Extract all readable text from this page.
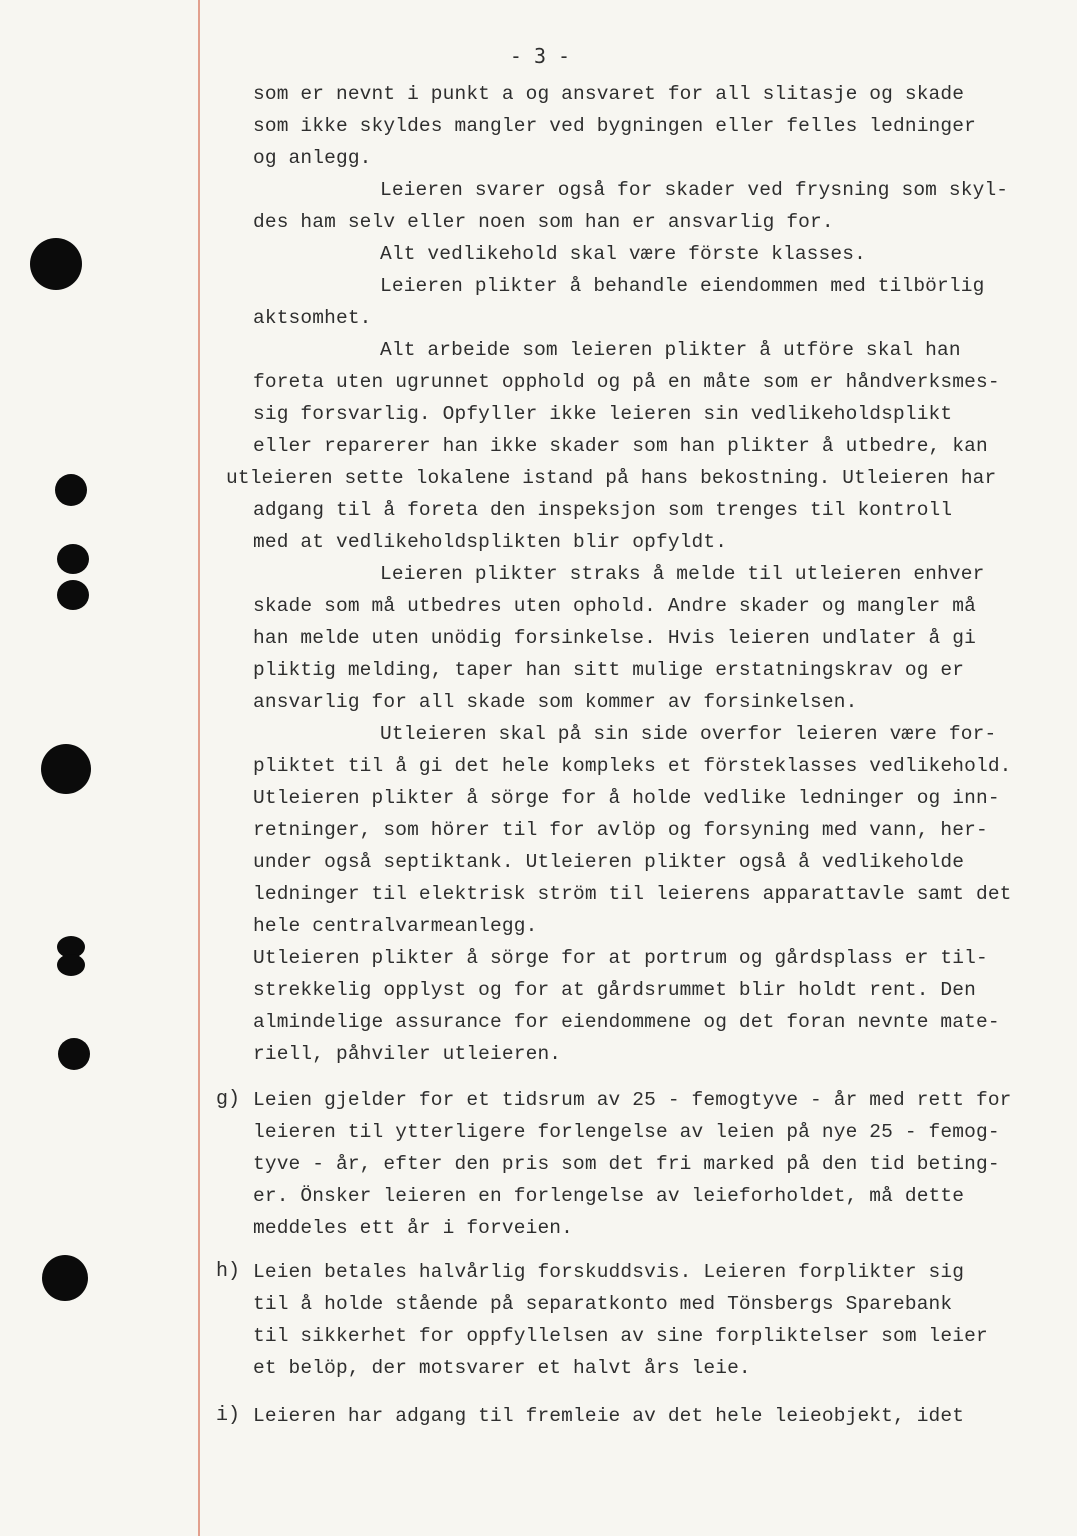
- 3 -
som er nevnt i punkt a og ansvaret for all slitasje og skade
som ikke skyldes mangler ved bygningen eller felles ledninger
og anlegg.
Leieren svarer også for skader ved frysning som skyl-
des ham selv eller noen som han er ansvarlig for.
Alt vedlikehold skal være förste klasses.
Leieren plikter å behandle eiendommen med tilbörlig
aktsomhet.
Alt arbeide som leieren plikter å utföre skal han
foreta uten ugrunnet opphold og på en måte som er håndverksmes-
sig forsvarlig. Opfyller ikke leieren sin vedlikeholdsplikt
eller reparerer han ikke skader som han plikter å utbedre, kan
utleieren sette lokalene istand på hans bekostning. Utleieren har
adgang til å foreta den inspeksjon som trenges til kontroll
med at vedlikeholdsplikten blir opfyldt.
Leieren plikter straks å melde til utleieren enhver
skade som må utbedres uten ophold. Andre skader og mangler må
han melde uten unödig forsinkelse. Hvis leieren undlater å gi
pliktig melding, taper han sitt mulige erstatningskrav og er
ansvarlig for all skade som kommer av forsinkelsen.
Utleieren skal på sin side overfor leieren være for-
pliktet til å gi det hele kompleks et försteklasses vedlikehold.
Utleieren plikter å sörge for å holde vedlike ledninger og inn-
retninger, som hörer til for avlöp og forsyning med vann, her-
under også septiktank. Utleieren plikter også å vedlikeholde
ledninger til elektrisk ström til leierens apparattavle samt det
hele centralvarmeanlegg.
Utleieren plikter å sörge for at portrum og gårdsplass er til-
strekkelig opplyst og for at gårdsrummet blir holdt rent. Den
almindelige assurance for eiendommene og det foran nevnte mate-
riell, påhviler utleieren.
g) Leien gjelder for et tidsrum av 25 - femogtyve - år med rett for
leieren til ytterligere forlengelse av leien på nye 25 - femog-
tyve - år, efter den pris som det fri marked på den tid beting-
er. Önsker leieren en forlengelse av leieforholdet, må dette
meddeles ett år i forveien.
h) Leien betales halvårlig forskuddsvis. Leieren forplikter sig
til å holde stående på separatkonto med Tönsbergs Sparebank
til sikkerhet for oppfyllelsen av sine forpliktelser som leier
et belöp, der motsvarer et halvt års leie.
i) Leieren har adgang til fremleie av det hele leieobjekt, idet
